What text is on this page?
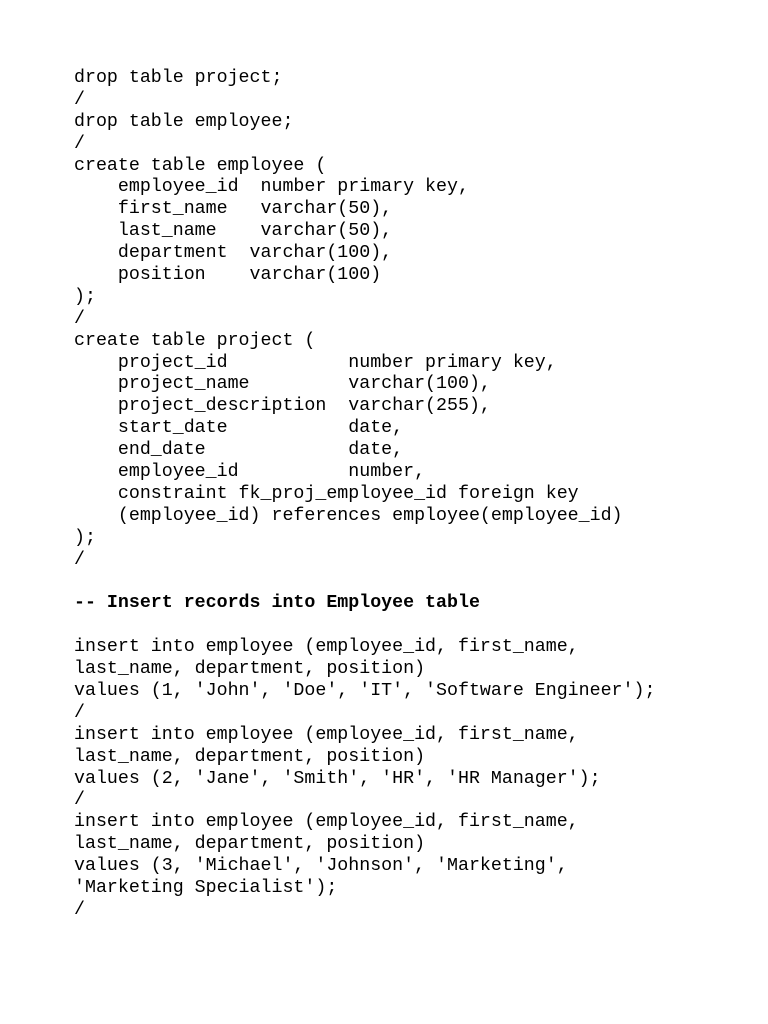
drop table project;
/
drop table employee;
/
create table employee (
employee_id  number primary key,
first_name   varchar(50),
last_name    varchar(50),
department  varchar(100),
position    varchar(100)
);
/
create table project (
project_id           number primary key,
project_name         varchar(100),
project_description  varchar(255),
start_date           date,
end_date             date,
employee_id          number,
constraint fk_proj_employee_id foreign key
(employee_id) references employee(employee_id)
);
/
-- Insert records into Employee table
insert into employee (employee_id, first_name,
last_name, department, position)
values (1, 'John', 'Doe', 'IT', 'Software Engineer');
/
insert into employee (employee_id, first_name,
last_name, department, position)
values (2, 'Jane', 'Smith', 'HR', 'HR Manager');
/
insert into employee (employee_id, first_name,
last_name, department, position)
values (3, 'Michael', 'Johnson', 'Marketing',
'Marketing Specialist');
/
